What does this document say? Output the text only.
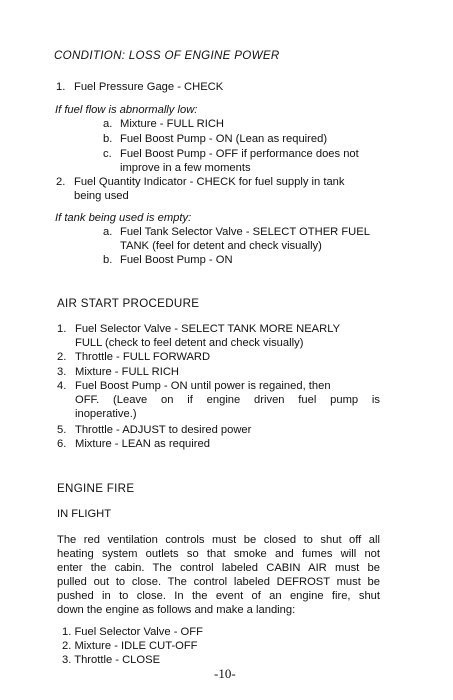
CONDITION: LOSS OF ENGINE POWER
1. Fuel Pressure Gage - CHECK
If fuel flow is abnormally low:
a. Mixture - FULL RICH
b. Fuel Boost Pump - ON (Lean as required)
c. Fuel Boost Pump - OFF if performance does not
improve in a few moments
2. Fuel Quantity Indicator - CHECK for fuel supply in tank
being used
If tank being used is empty:
a. Fuel Tank Selector Valve - SELECT OTHER FUEL
TANK (feel for detent and check visually)
b. Fuel Boost Pump - ON
AIR START PROCEDURE
1. Fuel Selector Valve - SELECT TANK MORE NEARLY
FULL (check to feel detent and check visually)
2. Throttle - FULL FORWARD
3. Mixture - FULL RICH
4. Fuel Boost Pump - ON until power is regained, then
OFF. (Leave on if engine driven fuel pump is
inoperative.)
5. Throttle - ADJUST to desired power
6. Mixture - LEAN as required
ENGINE FIRE
IN FLIGHT
The red ventilation controls must be closed to shut off all
heating system outlets so that smoke and fumes will not
enter the cabin. The control labeled CABIN AIR must be
pulled out to close. The control labeled DEFROST must be
pushed in to close. In the event of an engine fire, shut
down the engine as follows and make a landing:
1. Fuel Selector Valve - OFF
2. Mixture - IDLE CUT-OFF
3. Throttle - CLOSE
-10-
